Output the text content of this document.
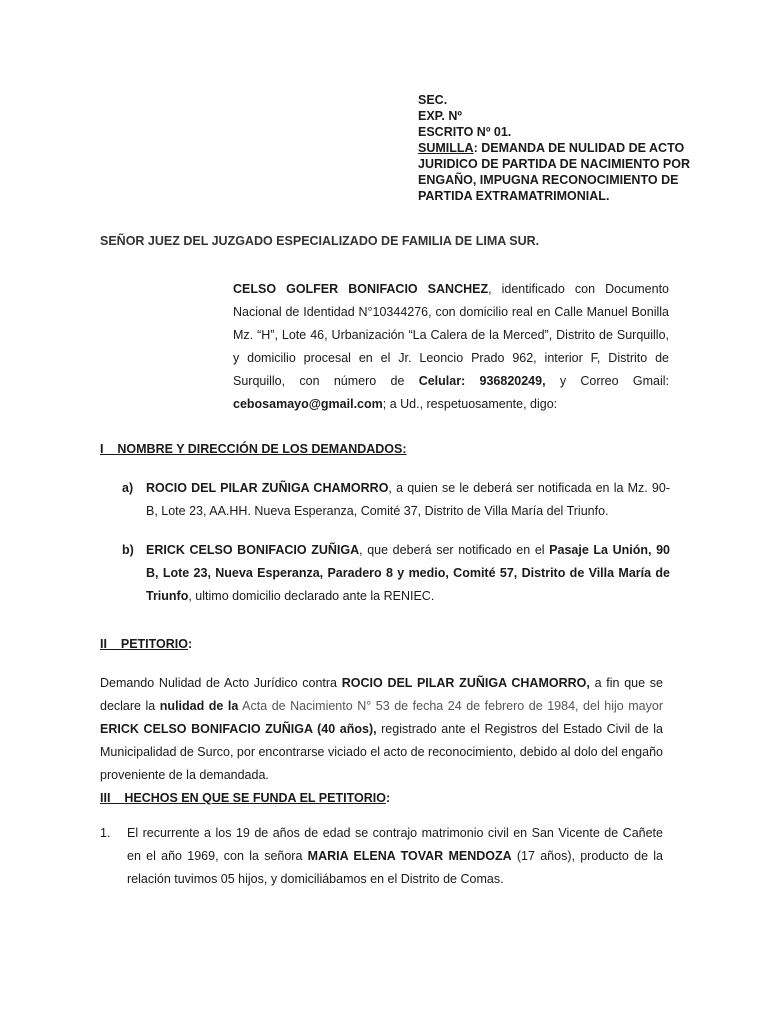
SEC.
EXP. Nº
ESCRITO Nº 01.
SUMILLA: DEMANDA DE NULIDAD DE ACTO
JURIDICO DE PARTIDA DE NACIMIENTO POR
ENGAÑO, IMPUGNA RECONOCIMIENTO DE
PARTIDA EXTRAMATRIMONIAL.
SEÑOR JUEZ DEL JUZGADO ESPECIALIZADO DE FAMILIA DE LIMA SUR.
CELSO GOLFER BONIFACIO SANCHEZ, identificado con Documento Nacional de Identidad N°10344276, con domicilio real en Calle Manuel Bonilla Mz. “H”, Lote 46, Urbanización “La Calera de la Merced”, Distrito de Surquillo, y domicilio procesal en el Jr. Leoncio Prado 962, interior F, Distrito de Surquillo, con número de Celular: 936820249, y Correo Gmail: cebosamayo@gmail.com; a Ud., respetuosamente, digo:
I NOMBRE Y DIRECCIÓN DE LOS DEMANDADOS:
a) ROCIO DEL PILAR ZUÑIGA CHAMORRO, a quien se le deberá ser notificada en la Mz. 90-B, Lote 23, AA.HH. Nueva Esperanza, Comité 37, Distrito de Villa María del Triunfo.
b) ERICK CELSO BONIFACIO ZUÑIGA, que deberá ser notificado en el Pasaje La Unión, 90 B, Lote 23, Nueva Esperanza, Paradero 8 y medio, Comité 57, Distrito de Villa María de Triunfo, ultimo domicilio declarado ante la RENIEC.
II PETITORIO:
Demando Nulidad de Acto Jurídico contra ROCIO DEL PILAR ZUÑIGA CHAMORRO, a fin que se declare la nulidad de la Acta de Nacimiento N° 53 de fecha 24 de febrero de 1984, del hijo mayor ERICK CELSO BONIFACIO ZUÑIGA (40 años), registrado ante el Registros del Estado Civil de la Municipalidad de Surco, por encontrarse viciado el acto de reconocimiento, debido al dolo del engaño proveniente de la demandada.
III HECHOS EN QUE SE FUNDA EL PETITORIO:
1. El recurrente a los 19 de años de edad se contrajo matrimonio civil en San Vicente de Cañete en el año 1969, con la señora MARIA ELENA TOVAR MENDOZA (17 años), producto de la relación tuvimos 05 hijos, y domiciliábamos en el Distrito de Comas.
